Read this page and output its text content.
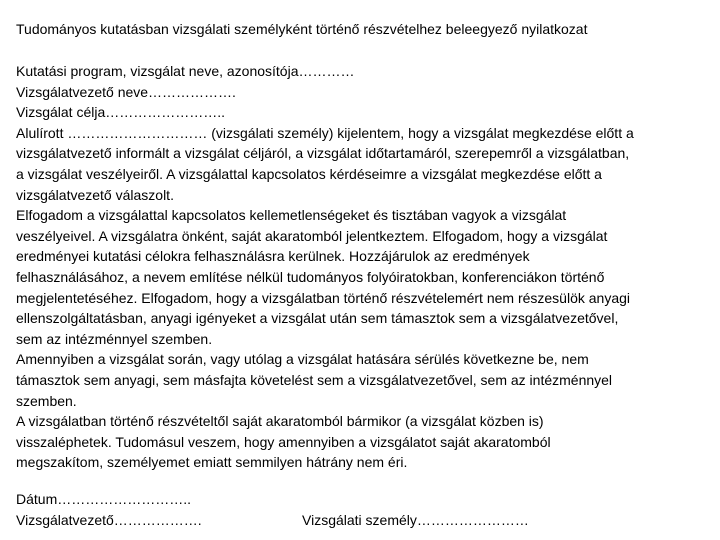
Tudományos kutatásban vizsgálati személyként történő részvételhez beleegyező nyilatkozat
Kutatási program, vizsgálat neve, azonosítója…………
Vizsgálatvezető neve……………….
Vizsgálat célja……………………..
Alulírott ………………………… (vizsgálati személy) kijelentem, hogy a vizsgálat megkezdése előtt a
vizsgálatvezető informált a vizsgálat céljáról, a vizsgálat időtartamáról, szerepemről a vizsgálatban,
a vizsgálat veszélyeiről. A vizsgálattal kapcsolatos kérdéseimre a vizsgálat megkezdése előtt a
vizsgálatvezető válaszolt.
Elfogadom a vizsgálattal kapcsolatos kellemetlenségeket és tisztában vagyok a vizsgálat
veszélyeivel. A vizsgálatra önként, saját akaratomból jelentkeztem. Elfogadom, hogy a vizsgálat
eredményei kutatási célokra felhasználásra kerülnek. Hozzájárulok az eredmények
felhasználásához, a nevem említése nélkül tudományos folyóiratokban, konferenciákon történő
megjelentetéséhez. Elfogadom, hogy a vizsgálatban történő részvételemért nem részesülök anyagi
ellenszolgáltatásban, anyagi igényeket a vizsgálat után sem támasztok sem a vizsgálatvezetővel,
sem az intézménnyel szemben.
Amennyiben a vizsgálat során, vagy utólag a vizsgálat hatására sérülés következne be, nem
támasztok sem anyagi, sem másfajta követelést sem a vizsgálatvezetővel, sem az intézménnyel
szemben.
A vizsgálatban történő részvételtől saját akaratomból bármikor (a vizsgálat közben is)
visszaléphetek. Tudomásul veszem, hogy amennyiben a vizsgálatot saját akaratomból
megszakítom, személyemet emiatt semmilyen hátrány nem éri.
Dátum………………………..
Vizsgálatvezető……………….	Vizsgálati személy……………………
